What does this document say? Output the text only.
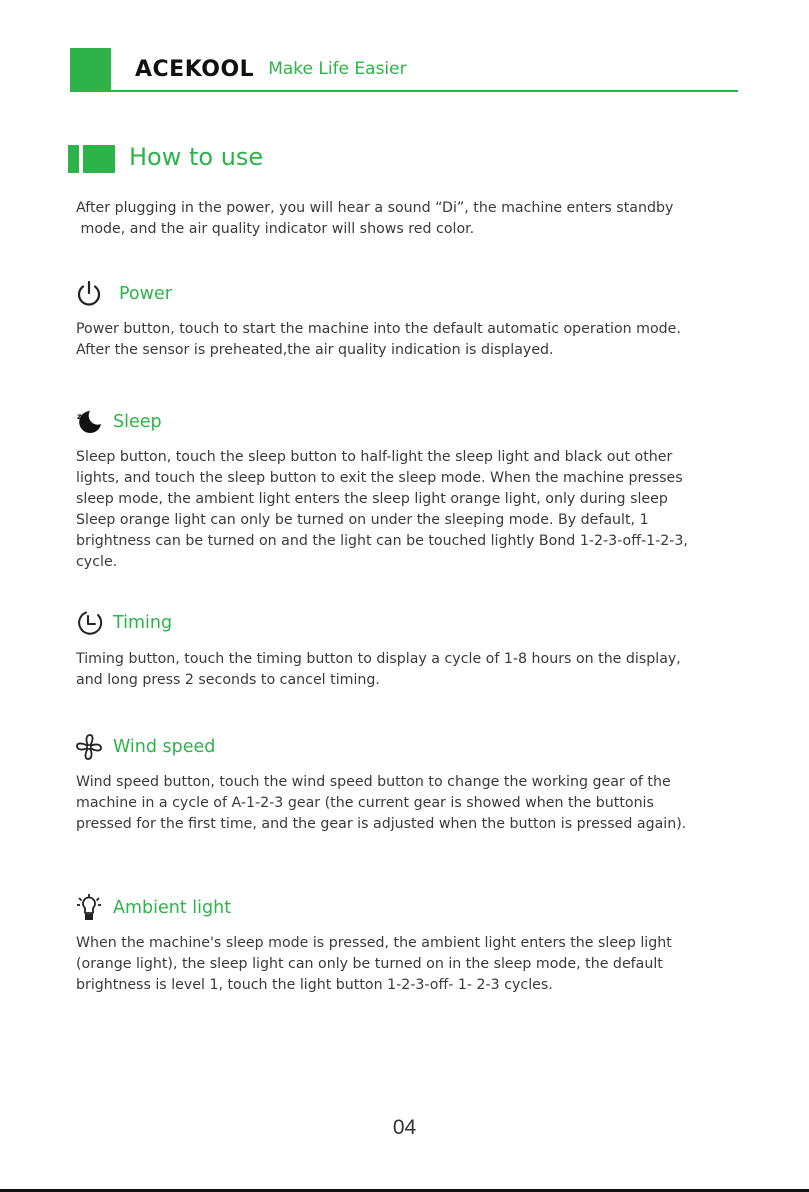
ACEKOOL Make Life Easier
How to use
After plugging in the power, you will hear a sound “Di”, the machine enters standby
mode, and the air quality indicator will shows red color.
Power
Power button, touch to start the machine into the default automatic operation mode.
After the sensor is preheated,the air quality indication is displayed.
z z Sleep
Sleep button, touch the sleep button to half-light the sleep light and black out other
lights, and touch the sleep button to exit the sleep mode. When the machine presses
sleep mode, the ambient light enters the sleep light orange light, only during sleep
Sleep orange light can only be turned on under the sleeping mode. By default, 1
brightness can be turned on and the light can be touched lightly Bond 1-2-3-off-1-2-3,
cycle.
Timing
Timing button, touch the timing button to display a cycle of 1-8 hours on the display,
and long press 2 seconds to cancel timing.
Wind speed
Wind speed button, touch the wind speed button to change the working gear of the
machine in a cycle of A-1-2-3 gear (the current gear is showed when the buttonis
pressed for the first time, and the gear is adjusted when the button is pressed again).
Ambient light
When the machine's sleep mode is pressed, the ambient light enters the sleep light
(orange light), the sleep light can only be turned on in the sleep mode, the default
brightness is level 1, touch the light button 1-2-3-off- 1- 2-3 cycles.
04
